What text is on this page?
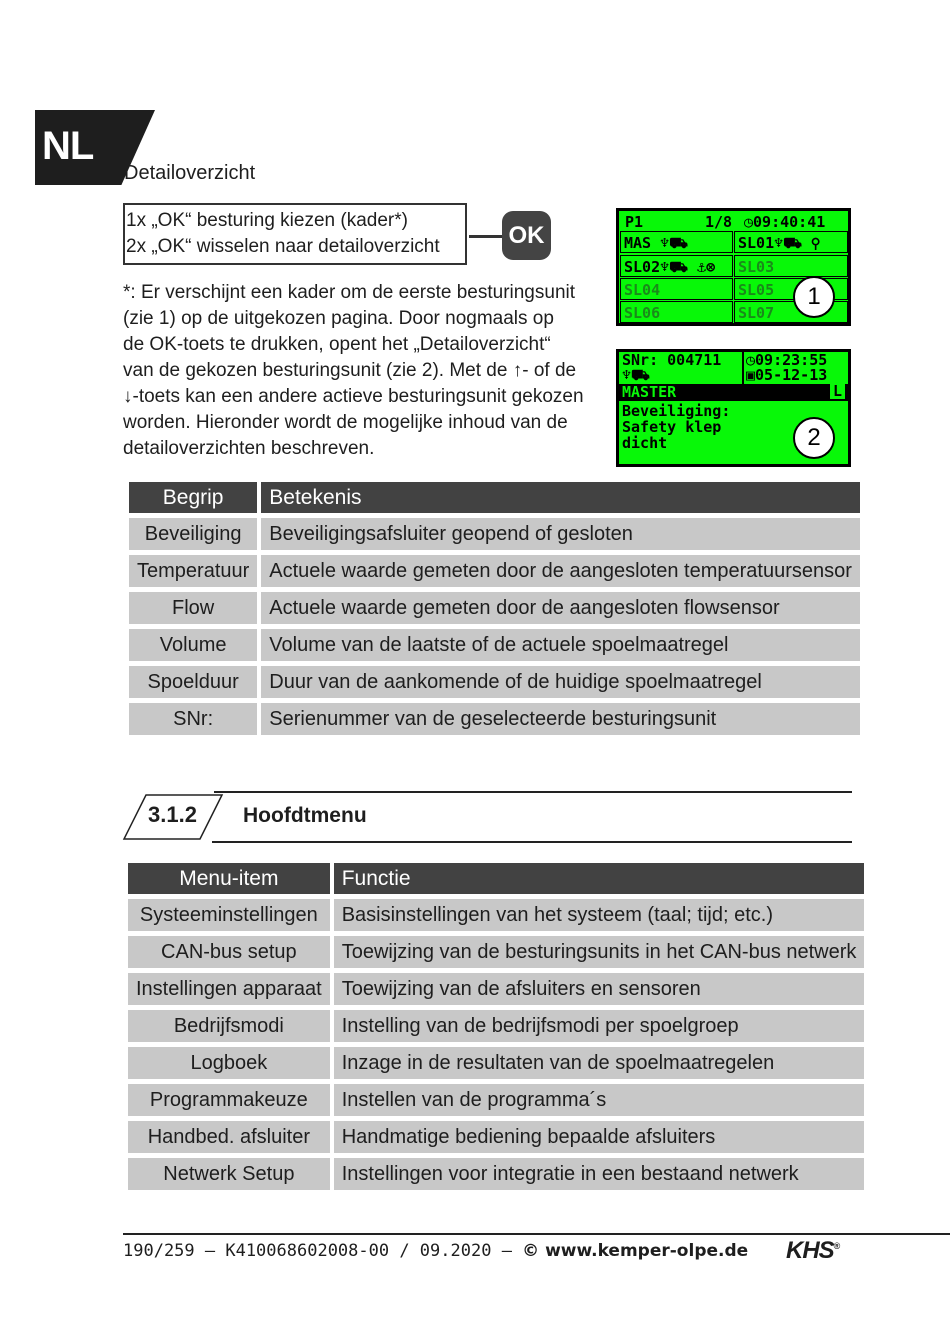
NL
Detailoverzicht
1x „OK“ besturing kiezen (kader*)
2x „OK“ wisselen naar detailoverzicht	OK
*: Er verschijnt een kader om de eerste besturingsunit
(zie 1) op de uitgekozen pagina. Door nogmaals op
de OK-toets te drukken, opent het „Detailoverzicht“
van de gekozen besturingsunit (zie 2). Met de ↑- of de
↓-toets kan een andere actieve besturingsunit gekozen
worden. Hieronder wordt de mogelijke inhoud van de
detailoverzichten beschreven.
P1	1/8 ◷09:40:41
MAS ♆⛟	SL01♆⛟ ⚲
SL02♆⛟ ⚓⊗	SL03
SL04	SL05
SL06	SL07
1
SNr: 004711 ◷09:23:55
♆⛟	▣05-12-13
MASTER	L
Beveiliging:
Safety klep
dicht	2
Begrip	Betekenis
Beveiliging	Beveiligingsafsluiter geopend of gesloten
Temperatuur	Actuele waarde gemeten door de aangesloten temperatuursensor
Flow	Actuele waarde gemeten door de aangesloten flowsensor
Volume	Volume van de laatste of de actuele spoelmaatregel
Spoelduur	Duur van de aankomende of de huidige spoelmaatregel
SNr:	Serienummer van de geselecteerde besturingsunit
3.1.2 Hoofdtmenu
Menu-item	Functie
Systeeminstellingen	Basisinstellingen van het systeem (taal; tijd; etc.)
CAN-bus setup	Toewijzing van de besturingsunits in het CAN-bus netwerk
Instellingen apparaat	Toewijzing van de afsluiters en sensoren
Bedrijfsmodi	Instelling van de bedrijfsmodi per spoelgroep
Logboek	Inzage in de resultaten van de spoelmaatregelen
Programmakeuze	Instellen van de programma´s
Handbed. afsluiter	Handmatige bediening bepaalde afsluiters
Netwerk Setup	Instellingen voor integratie in een bestaand netwerk
190/259 – K410068602008-00 / 09.2020 – © www.kemper-olpe.de KHS®
